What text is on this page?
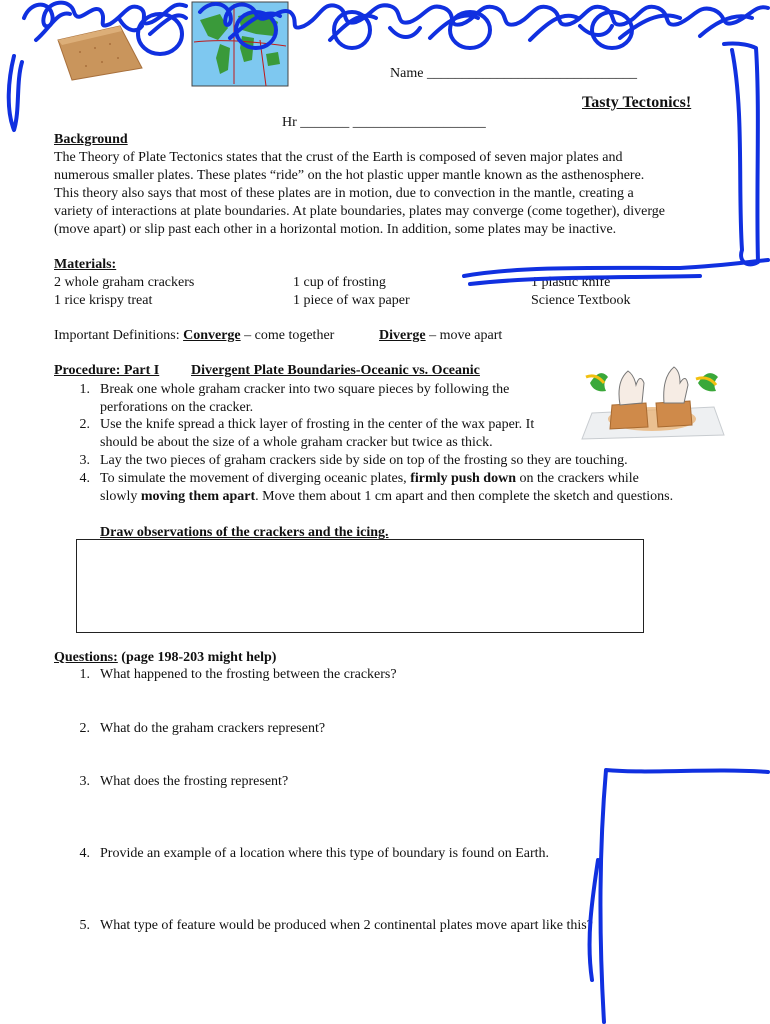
Name ______________________________
Tasty Tectonics!
Hr _______ ___________________
Background
The Theory of Plate Tectonics states that the crust of the Earth is composed of seven major plates and
numerous smaller plates. These plates “ride” on the hot plastic upper mantle known as the asthenosphere.
This theory also says that most of these plates are in motion, due to convection in the mantle, creating a
variety of interactions at plate boundaries. At plate boundaries, plates may converge (come together), diverge
(move apart) or slip past each other in a horizontal motion. In addition, some plates may be inactive.
Materials:
2 whole graham crackers
1 rice krispy treat
1 cup of frosting
1 piece of wax paper
1 plastic knife
Science Textbook
Important Definitions: Converge – come together	Diverge – move apart
Procedure: Part I Divergent Plate Boundaries-Oceanic vs. Oceanic
1. Break one whole graham cracker into two square pieces by following the
perforations on the cracker.
2. Use the knife spread a thick layer of frosting in the center of the wax paper. It
should be about the size of a whole graham cracker but twice as thick.
3. Lay the two pieces of graham crackers side by side on top of the frosting so they are touching.
4. To simulate the movement of diverging oceanic plates, firmly push down on the crackers while
slowly moving them apart. Move them about 1 cm apart and then complete the sketch and questions.
Draw observations of the crackers and the icing.
Questions: (page 198-203 might help)
1. What happened to the frosting between the crackers?
2. What do the graham crackers represent?
3. What does the frosting represent?
4. Provide an example of a location where this type of boundary is found on Earth.
5. What type of feature would be produced when 2 continental plates move apart like this?
